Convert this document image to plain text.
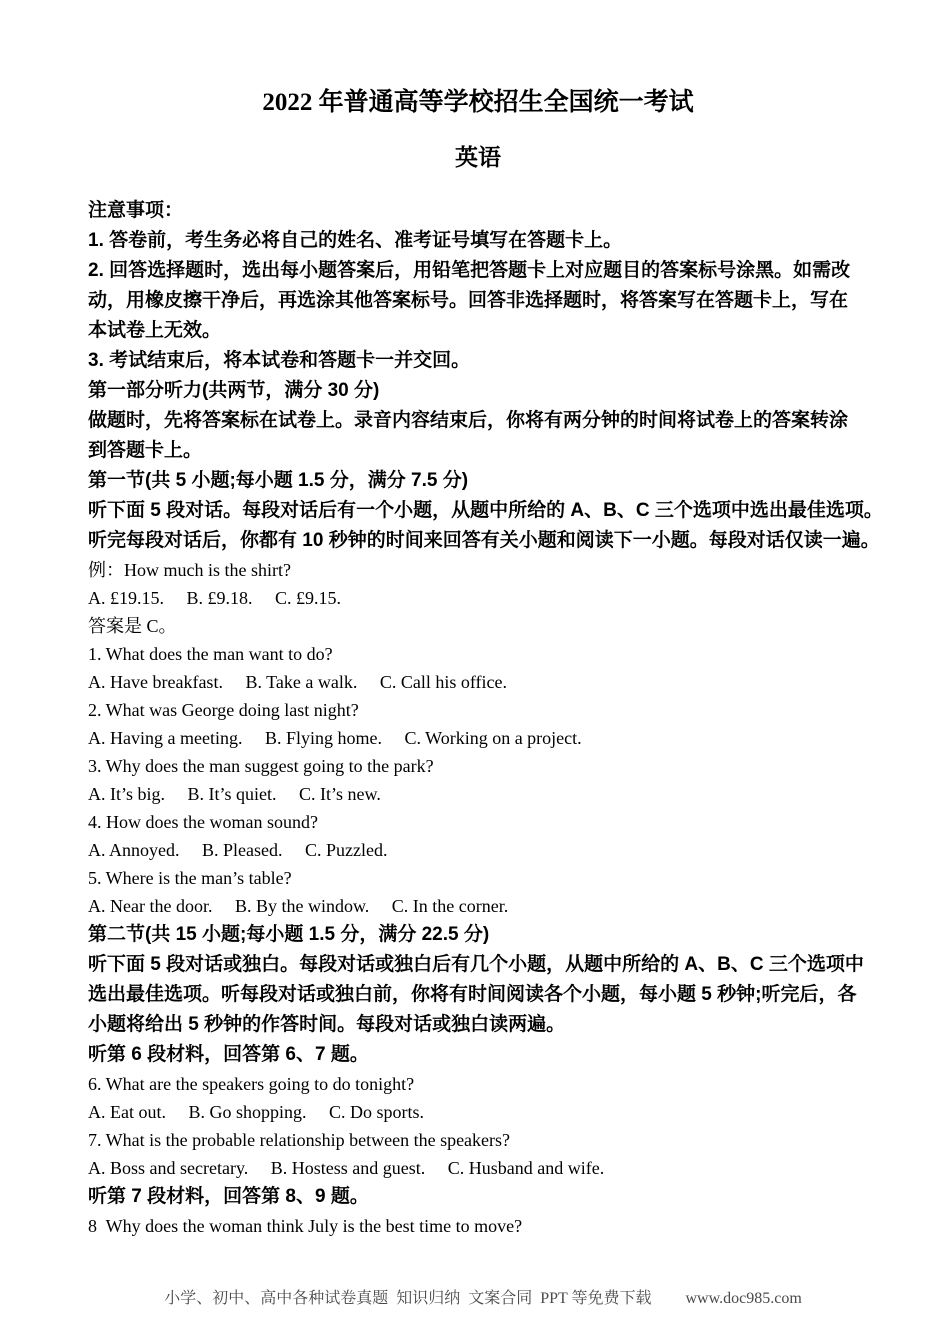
2022 年普通高等学校招生全国统一考试
英语

注意事项：

1. 答卷前，考生务必将自己的姓名、准考证号填写在答题卡上。

2. 回答选择题时，选出每小题答案后，用铅笔把答题卡上对应题目的答案标号涂黑。如需改

动，用橡皮擦干净后，再选涂其他答案标号。回答非选择题时，将答案写在答题卡上，写在

本试卷上无效。

3. 考试结束后，将本试卷和答题卡一并交回。

第一部分听力(共两节，满分 30 分)

做题时，先将答案标在试卷上。录音内容结束后，你将有两分钟的时间将试卷上的答案转涂

到答题卡上。

第一节(共 5 小题;每小题 1.5 分，满分 7.5 分)

听下面 5 段对话。每段对话后有一个小题，从题中所给的 A、B、C 三个选项中选出最佳选项。

听完每段对话后，你都有 10 秒钟的时间来回答有关小题和阅读下一小题。每段对话仅读一遍。

例：How much is the shirt?

A. £19.15.     B. £9.18.     C. £9.15.

答案是 C。

1. What does the man want to do?

A. Have breakfast.     B. Take a walk.     C. Call his office.

2. What was George doing last night?

A. Having a meeting.     B. Flying home.     C. Working on a project.

3. Why does the man suggest going to the park?

A. It’s big.     B. It’s quiet.     C. It’s new.

4. How does the woman sound?

A. Annoyed.     B. Pleased.     C. Puzzled.

5. Where is the man’s table?

A. Near the door.     B. By the window.     C. In the corner.

第二节(共 15 小题;每小题 1.5 分，满分 22.5 分)

听下面 5 段对话或独白。每段对话或独白后有几个小题，从题中所给的 A、B、C 三个选项中

选出最佳选项。听每段对话或独白前，你将有时间阅读各个小题，每小题 5 秒钟;听完后，各

小题将给出 5 秒钟的作答时间。每段对话或独白读两遍。

听第 6 段材料，回答第 6、7 题。

6. What are the speakers going to do tonight?

A. Eat out.     B. Go shopping.     C. Do sports.

7. What is the probable relationship between the speakers?

A. Boss and secretary.     B. Hostess and guest.     C. Husband and wife.

听第 7 段材料，回答第 8、9 题。

8  Why does the woman think July is the best time to move?

小学、初中、高中各种试卷真题  知识归纳  文案合同  PPT 等免费下载 www.doc985.com
